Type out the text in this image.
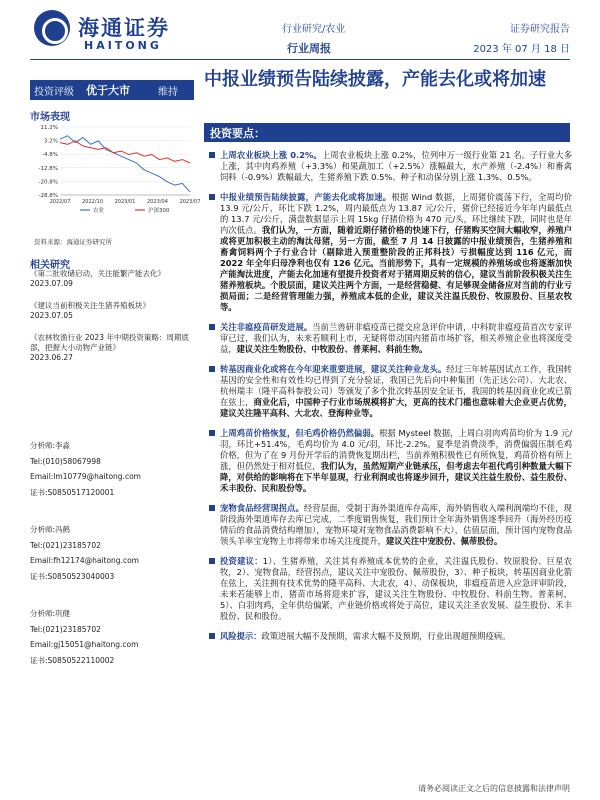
海通证券
HAITONG
行业研究/农业
行业周报
证券研究报告
2023 年 07 月 18 日
投资评级 优于大市	维持
市场表现
11.2%
3.2%
-4.8%
-12.8%
-20.8%
-28.8%
2022/07 2022/10 2023/01 2023/04 2023/07
农业	沪深300
资料来源：海通证券研究所
相关研究
《第二批收储启动，关注能繁产能去化》
2023.07.09
《建议当前积极关注生猪养殖板块》
2023.07.05
《农林牧渔行业 2023 年中期投资策略：周期底部，把握大小动物产业链》
2023.06.27
分析师:李淼
Tel:(010)58067998
Email:lm10779@haitong.com
证书:S0850517120001
分析师:冯鹤
Tel:(021)23185702
Email:fh12174@haitong.com
证书:S0850523040003
分析师:巩健
Tel:(021)23185702
Email:gj15051@haitong.com
证书:S0850522110002
中报业绩预告陆续披露，产能去化或将加速
投资要点：
上周农业板块上涨 0.2%。上周农业板块上涨 0.2%，位列申万一级行业第 21 名。子行业大多上涨，其中肉鸡养殖（+3.3%）和果蔬加工（+2.5%）涨幅最大，水产养殖（-2.4%）和畜禽饲料（-0.9%）跌幅最大，生猪养殖下跌 0.5%、种子和动保分别上涨 1.3%、0.5%。
中报业绩预告陆续披露，产能去化或将加速。根据 Wind 数据，上周猪价震荡下行，全周均价 13.9 元/公斤，环比下跌 1.2%，周内最低点为 13.87 元/公斤，猪价已经接近今年年内最低点的 13.7 元/公斤，满盘数据显示上周 15kg 仔猪价格为 470 元/头，环比继续下跌，同时也是年内次低点。我们认为，一方面，随着近期仔猪价格的快速下行，仔猪购买空间大幅收窄，养殖户或将更加积极主动的淘汰母猪，另一方面，截至 7 月 14 日披露的中报业绩预告，生猪养殖和畜禽饲料两个子行业合计（剔除进入预重整阶段的正邦科技）亏损幅度达到 116 亿元，而 2022 年全年归母净利也仅有 126 亿元。当前形势下，具有一定规模的养殖场或也将逐渐加快产能淘汰进度，产能去化加速有望提升投资者对于猪周期反转的信心，建议当前阶段积极关注生猪养殖板块。个股层面，建议关注两个方面，一是经营稳健、有足够现金储备应对当前的行业亏损局面；二是经营管理能力强，养殖成本低的企业，建议关注温氏股份、牧原股份、巨星农牧等。
关注非瘟疫苗研发进展。当前兰兽研非瘟疫苗已提交应急评价申请，中科院非瘟疫苗首次专家评审已过，我们认为，未来若顺利上市，无疑将带动国内猪苗市场扩容，相关养殖企业也将深度受益，建议关注生物股份、中牧股份、普莱柯、科前生物。
转基因商业化或将在今年迎来重要进展，建议关注种业龙头。经过三年转基因试点工作，我国转基因的安全性和有效性均已得到了充分验证，我国已先后向中种集团（先正达公司）、大北农、杭州瑞丰（隆平高科参股公司）等颁发了多个批次转基因安全证书，我国的转基因商业化或已箭在弦上，商业化后，中国种子行业市场规模将扩大，更高的技术门槛也意味着大企业更占优势，建议关注隆平高科、大北农、登海种业等。
上周鸡苗价格恢复，但毛鸡价格仍然偏弱。根据 Mysteel 数据，上周白羽肉鸡苗均价为 1.9 元/羽，环比+51.4%，毛鸡均价为 4.0 元/羽，环比-2.2%。夏季是消费淡季，消费偏弱压制毛鸡价格，但为了在 9 月份开学后的消费恢复期出栏，当前养殖积极性已有所恢复，鸡苗价格有所上涨，但仍然处于相对低位，我们认为，虽然短期产业链承压，但考虑去年祖代鸡引种数量大幅下降，对供给的影响将在下半年显现，行业利润或也将逐步回升，建议关注益生股份、益生股份、禾丰股份、民和股份等。
宠物食品经营现拐点。经营层面，受制于海外渠道库存高库，海外销售收入端利润端均不佳，现阶段海外渠道库存去库已完成，二季度销售恢复，我们预计全年海外销售逐季回升（海外经历疫情后的食品消费结构增加），宠物环境对宠物食品消费影响不大），估值层面，预计国内宠物食品领头羊率宝宠物上市将带来市场关注度提升，建议关注中宠股份、佩蒂股份。
投资建议：1）、生猪养殖，关注其有养殖成本优势的企业，关注温氏股份、牧原股份、巨星农牧，2）、宠物食品，经营拐点，建议关注中宠股份、佩蒂股份，3）、种子板块，转基因商业化箭在弦上，关注拥有技术优势的隆平高科、大北农，4）、动保板块，非瘟疫苗进入应急评审阶段，未来若能够上市，猪苗市场将迎来扩容，建议关注生物股份、中牧股份、科前生物、普莱柯，5）、白羽肉鸡，全年供给偏紧，产业链价格或将处于高位，建议关注圣农发展、益生股份、禾丰股份、民和股份。
风险提示：政策进展大幅不及预期，需求大幅不及预期，行业出现超预期疫病。
请务必阅读正文之后的信息披露和法律声明
